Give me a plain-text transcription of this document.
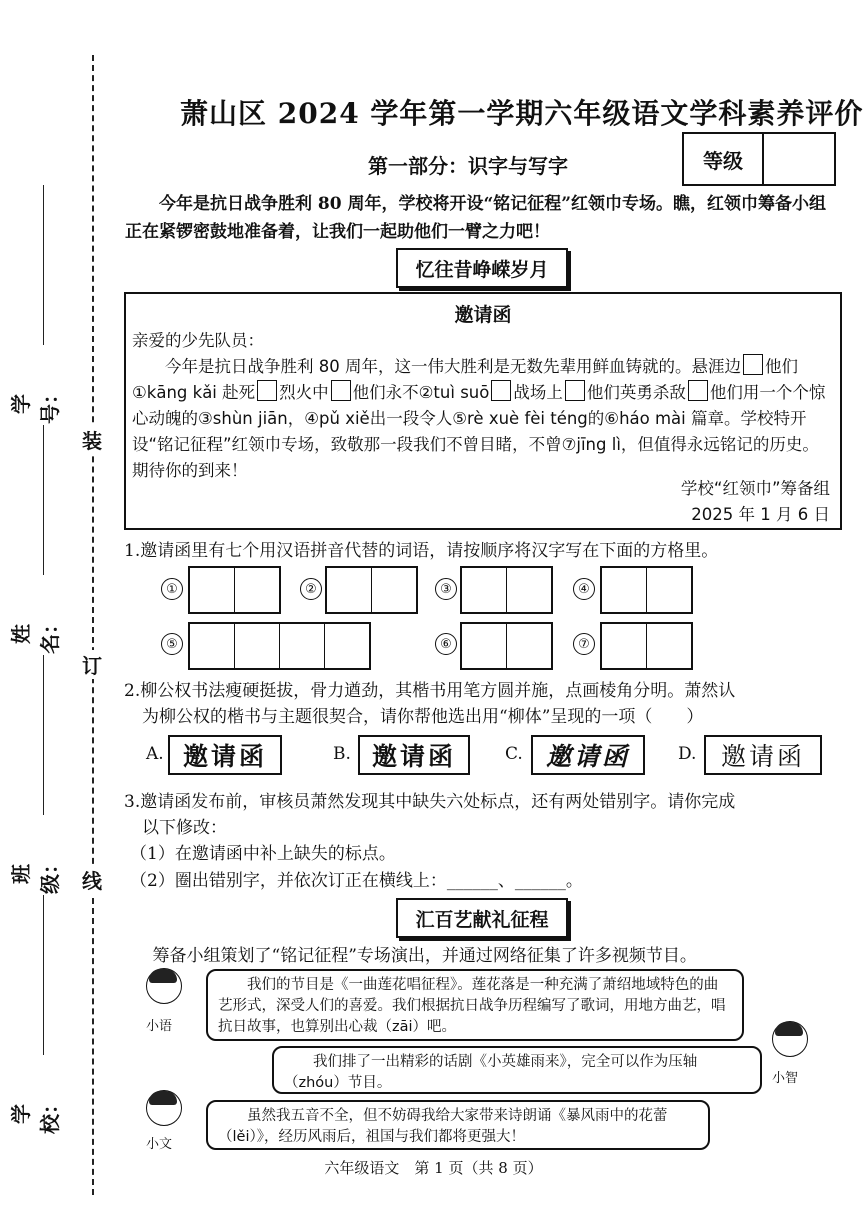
装
订
线
学号：
姓名：
班级：
学校：
萧山区 2024 学年第一学期六年级语文学科素养评价
第一部分：识字与写字	等级
今年是抗日战争胜利 80 周年，学校将开设“铭记征程”红领巾专场。瞧，红领巾筹备小组正在紧锣密鼓地准备着，让我们一起助他们一臂之力吧！
忆往昔峥嵘岁月
邀请函
亲爱的少先队员：
今年是抗日战争胜利 80 周年，这一伟大胜利是无数先辈用鲜血铸就的。悬涯边 他们①kāng kǎi 赴死 烈火中 他们永不②tuì suō 战场上 他们英勇杀敌 他们用一个个惊心动魄的③shùn jiān，④pǔ xiě出一段令人⑤rè xuè fèi téng的⑥háo mài 篇章。学校特开设“铭记征程”红领巾专场，致敬那一段我们不曾目睹，不曾⑦jīng lì，但值得永远铭记的历史。期待你的到来！
学校“红领巾”筹备组
2025 年 1 月 6 日
1.邀请函里有七个用汉语拼音代替的词语，请按顺序将汉字写在下面的方格里。
①	②	③	④
⑤	⑥	⑦
2.柳公权书法瘦硬挺拔，骨力遒劲，其楷书用笔方圆并施，点画棱角分明。萧然认
为柳公权的楷书与主题很契合，请你帮他选出用“柳体”呈现的一项（　　）
A. 邀请函	B. 邀请函	C. 邀请函	D. 邀请函
3.邀请函发布前，审核员萧然发现其中缺失六处标点，还有两处错别字。请你完成
以下修改：
（1）在邀请函中补上缺失的标点。
（2）圈出错别字，并依次订正在横线上：______、______。
汇百艺献礼征程
筹备小组策划了“铭记征程”专场演出，并通过网络征集了许多视频节目。
小语
我们的节目是《一曲莲花唱征程》。莲花落是一种充满了萧绍地域特色的曲艺形式，深受人们的喜爱。我们根据抗日战争历程编写了歌词，用地方曲艺，唱抗日故事，也算别出心裁（zāi）吧。
小智
我们排了一出精彩的话剧《小英雄雨来》，完全可以作为压轴（zhóu）节目。
小文
虽然我五音不全，但不妨碍我给大家带来诗朗诵《暴风雨中的花蕾（lěi）》，经历风雨后，祖国与我们都将更强大！
六年级语文　第 1 页（共 8 页）
